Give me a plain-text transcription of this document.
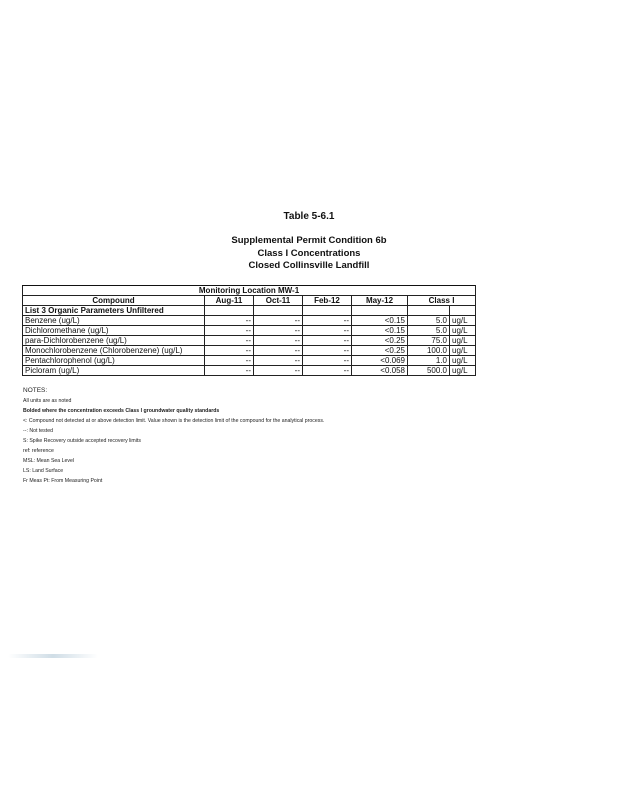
Table 5-6.1
Supplemental Permit Condition 6b
Class I Concentrations
Closed Collinsville Landfill
Monitoring Location MW-1						
Compound	Aug-11	Oct-11	Feb-12	May-12	Class I	
List 3 Organic Parameters Unfiltered						
Benzene (ug/L)	--	--	--	<0.15	5.0	ug/L
Dichloromethane (ug/L)	--	--	--	<0.15	5.0	ug/L
para-Dichlorobenzene (ug/L)	--	--	--	<0.25	75.0	ug/L
Monochlorobenzene (Chlorobenzene) (ug/L)	--	--	--	<0.25	100.0	ug/L
Pentachlorophenol (ug/L)	--	--	--	<0.069	1.0	ug/L
Picloram (ug/L)	--	--	--	<0.058	500.0	ug/L
NOTES:
All units are as noted
Bolded where the concentration exceeds Class I groundwater quality standards
<: Compound not detected at or above detection limit. Value shown is the detection limit of the compound for the analytical process.
--: Not tested
S: Spike Recovery outside accepted recovery limits
ref: reference
MSL: Mean Sea Level
LS: Land Surface
Fr Meas Pt: From Measuring Point
